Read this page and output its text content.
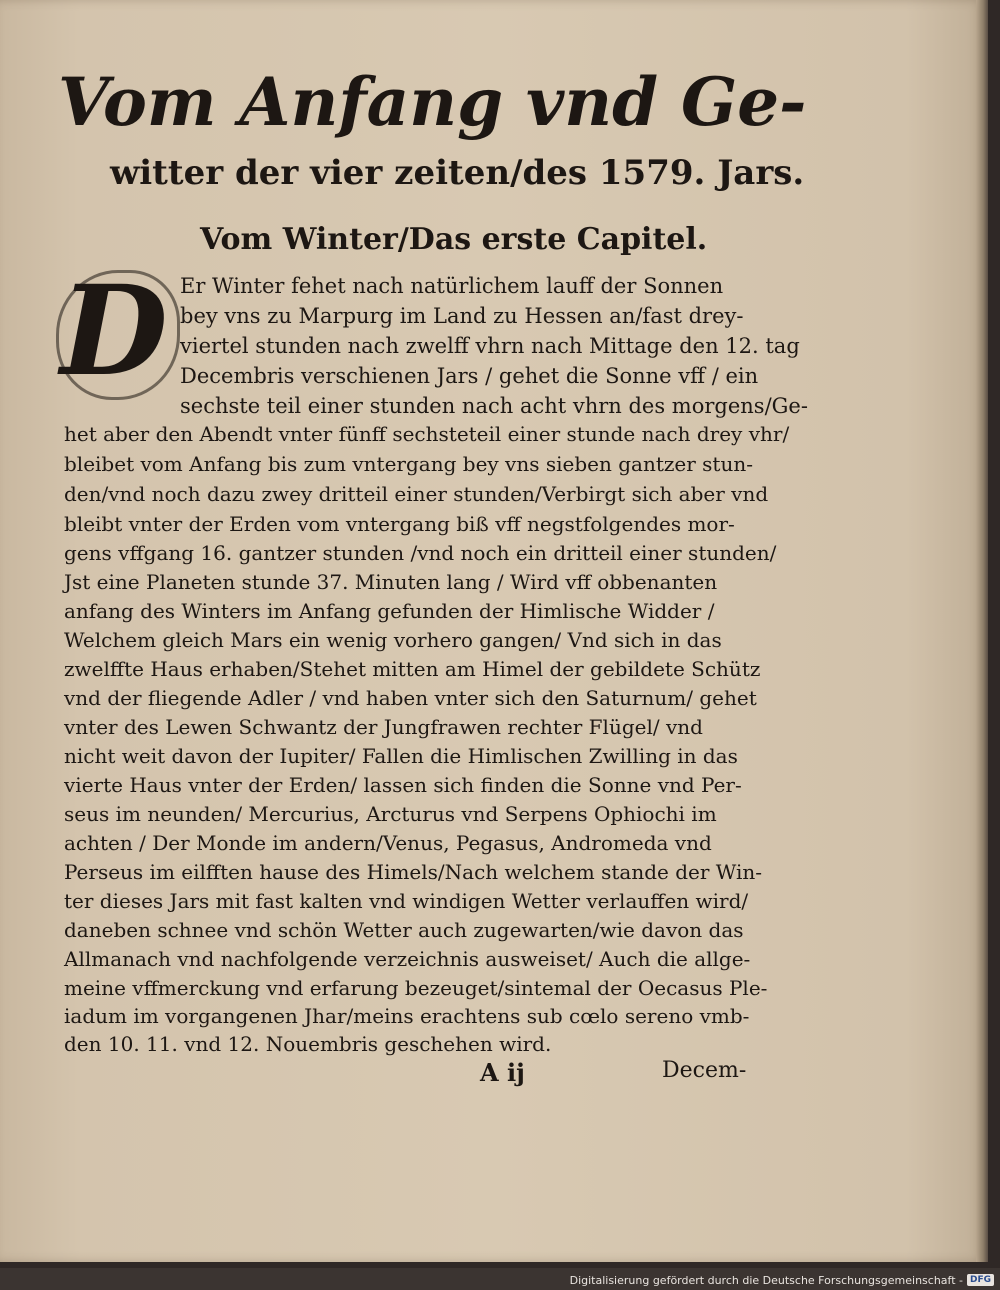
Vom Anfang vnd Ge-
witter der vier zeiten/des 1579. Jars.
Vom Winter/Das erste Capitel.
D Er Winter fehet nach natürlichem lauff der Sonnen
bey vns zu Marpurg im Land zu Hessen an/fast drey-
viertel stunden nach zwelff vhrn nach Mittage den 12. tag
Decembris verschienen Jars / gehet die Sonne vff / ein
sechste teil einer stunden nach acht vhrn des morgens/Ge-
het aber den Abendt vnter fünff sechsteteil einer stunde nach drey vhr/
bleibet vom Anfang bis zum vntergang bey vns sieben gantzer stun-
den/vnd noch dazu zwey dritteil einer stunden/Verbirgt sich aber vnd
bleibt vnter der Erden vom vntergang biß vff negstfolgendes mor-
gens vffgang 16. gantzer stunden /vnd noch ein dritteil einer stunden/
Jst eine Planeten stunde 37. Minuten lang / Wird vff obbenanten
anfang des Winters im Anfang gefunden der Himlische Widder /
Welchem gleich Mars ein wenig vorhero gangen/ Vnd sich in das
zwelffte Haus erhaben/Stehet mitten am Himel der gebildete Schütz
vnd der fliegende Adler / vnd haben vnter sich den Saturnum/ gehet
vnter des Lewen Schwantz der Jungfrawen rechter Flügel/ vnd
nicht weit davon der Iupiter/ Fallen die Himlischen Zwilling in das
vierte Haus vnter der Erden/ lassen sich finden die Sonne vnd Per-
seus im neunden/ Mercurius, Arcturus vnd Serpens Ophiochi im
achten / Der Monde im andern/Venus, Pegasus, Andromeda vnd
Perseus im eilfften hause des Himels/Nach welchem stande der Win-
ter dieses Jars mit fast kalten vnd windigen Wetter verlauffen wird/
daneben schnee vnd schön Wetter auch zugewarten/wie davon das
Allmanach vnd nachfolgende verzeichnis ausweiset/ Auch die allge-
meine vffmerckung vnd erfarung bezeuget/sintemal der Oecasus Ple-
iadum im vorgangenen Jhar/meins erachtens sub cœlo sereno vmb-
den 10. 11. vnd 12. Nouembris geschehen wird.
A ij	Decem-
Digitalisierung gefördert durch die Deutsche Forschungsgemeinschaft - DFG
